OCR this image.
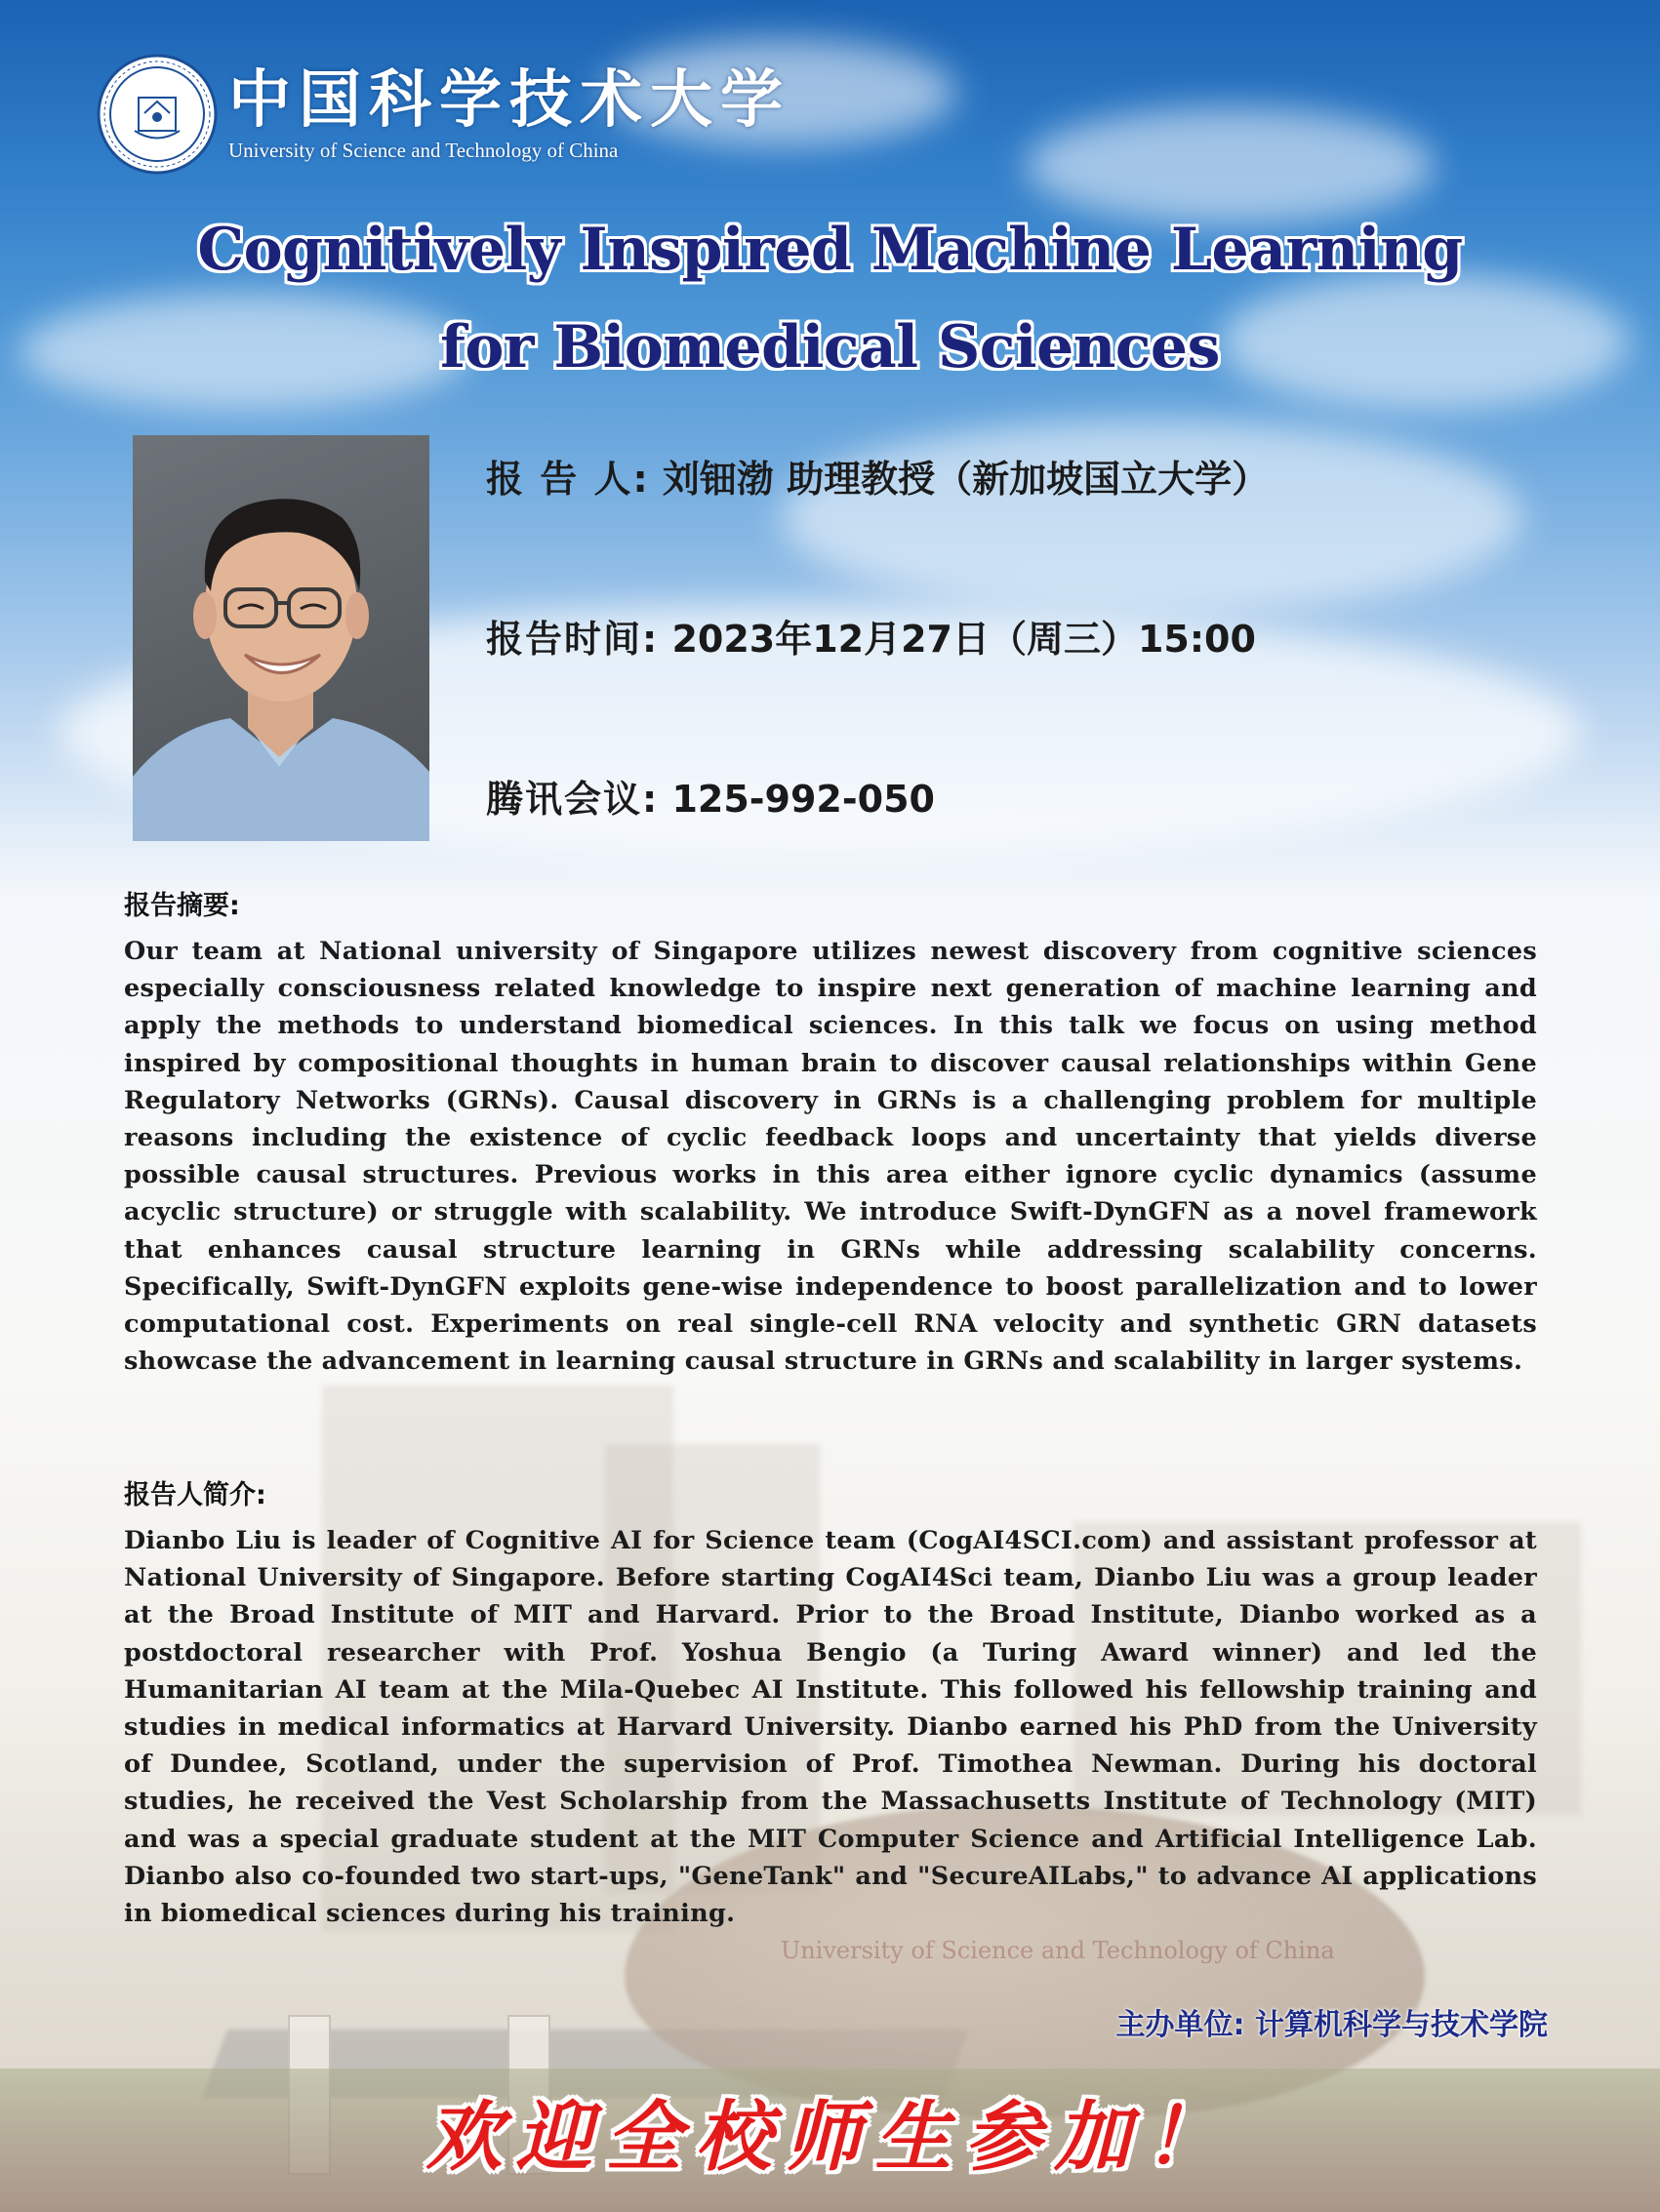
University of Science and Technology of China
中国科学技术大学
University of Science and Technology of China
Cognitively Inspired Machine Learning
for Biomedical Sciences
报 告 人: 刘钿渤 助理教授（新加坡国立大学）
报告时间: 2023年12月27日（周三）15:00
腾讯会议: 125-992-050
报告摘要:
Our team at National university of Singapore utilizes newest discovery from cognitive sciences especially consciousness related knowledge to inspire next generation of machine learning and apply the methods to understand biomedical sciences. In this talk we focus on using method inspired by compositional thoughts in human brain to discover causal relationships within Gene Regulatory Networks (GRNs). Causal discovery in GRNs is a challenging problem for multiple reasons including the existence of cyclic feedback loops and uncertainty that yields diverse possible causal structures. Previous works in this area either ignore cyclic dynamics (assume acyclic structure) or struggle with scalability. We introduce Swift-DynGFN as a novel framework that enhances causal structure learning in GRNs while addressing scalability concerns. Specifically, Swift-DynGFN exploits gene-wise independence to boost parallelization and to lower computational cost. Experiments on real single-cell RNA velocity and synthetic GRN datasets showcase the advancement in learning causal structure in GRNs and scalability in larger systems.
报告人简介:
Dianbo Liu is leader of Cognitive AI for Science team (CogAI4SCI.com) and assistant professor at National University of Singapore. Before starting CogAI4Sci team, Dianbo Liu was a group leader at the Broad Institute of MIT and Harvard. Prior to the Broad Institute, Dianbo worked as a postdoctoral researcher with Prof. Yoshua Bengio (a Turing Award winner) and led the Humanitarian AI team at the Mila-Quebec AI Institute. This followed his fellowship training and studies in medical informatics at Harvard University. Dianbo earned his PhD from the University of Dundee, Scotland, under the supervision of Prof. Timothea Newman. During his doctoral studies, he received the Vest Scholarship from the Massachusetts Institute of Technology (MIT) and was a special graduate student at the MIT Computer Science and Artificial Intelligence Lab. Dianbo also co-founded two start-ups, "GeneTank" and "SecureAILabs," to advance AI applications in biomedical sciences during his training.
主办单位: 计算机科学与技术学院
欢迎全校师生参加！
